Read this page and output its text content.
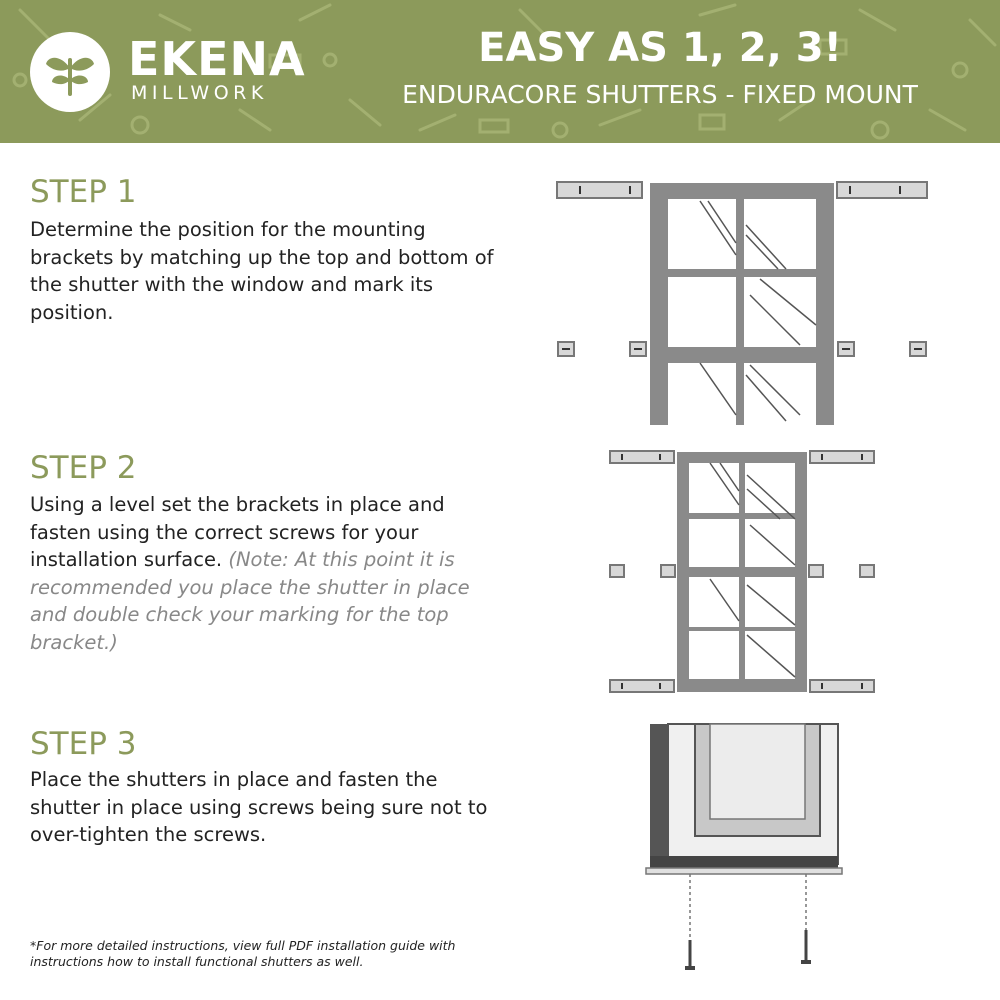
EKENA
MILLWORK
EASY AS 1, 2, 3!
ENDURACORE SHUTTERS - FIXED MOUNT
STEP 1
Determine the position for the mounting brackets by matching up the top and bottom of the shutter with the window and mark its position.
STEP 2
Using a level set the brackets in place and fasten using the correct screws for your installation surface. (Note: At this point it is recommended you place the shutter in place and double check your marking for the top bracket.)
STEP 3
Place the shutters in place and fasten the shutter in place using screws being sure not to over-tighten the screws.
*For more detailed instructions, view full PDF installation guide with instructions how to install functional shutters as well.
